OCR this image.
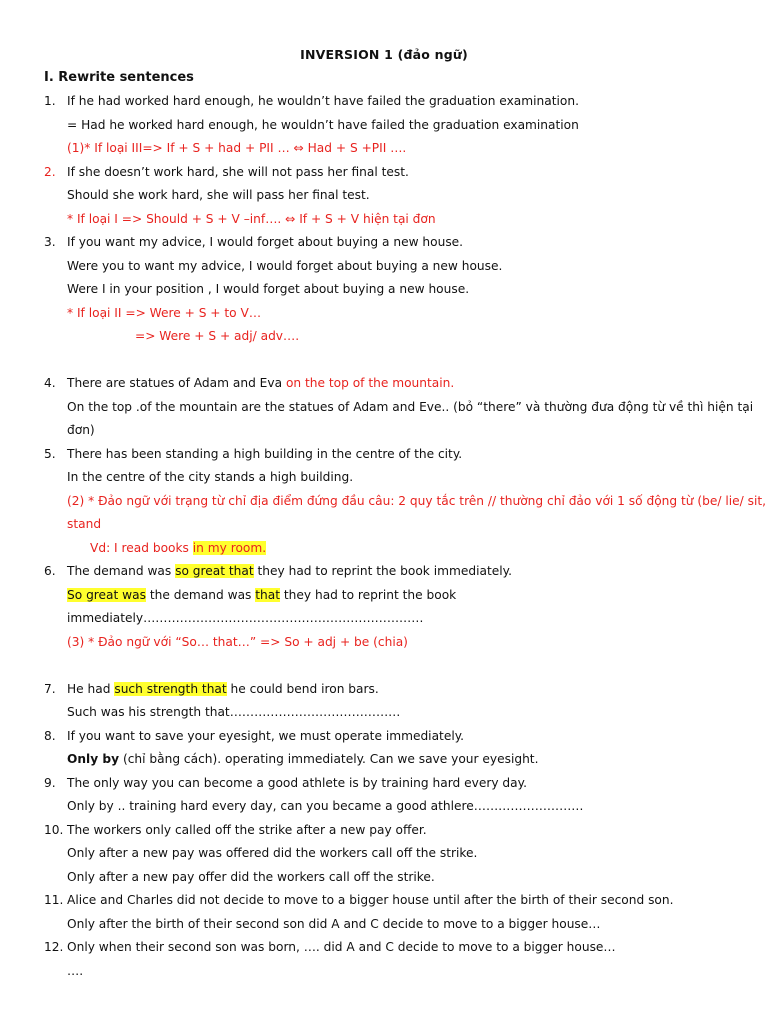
INVERSION 1 (đảo ngữ)
I. Rewrite sentences
1. If he had worked hard enough, he wouldn’t have failed the graduation examination.
= Had he worked hard enough, he wouldn’t have failed the graduation examination
(1)* If loại III=> If + S + had + PII … ⇔ Had + S +PII ….
2. If she doesn’t work hard, she will not pass her final test.
Should she work hard, she will pass her final test.
* If loại I => Should + S + V –inf…. ⇔ If + S + V hiện tại đơn
3. If you want my advice, I would forget about buying a new house.
Were you to want my advice, I would forget about buying a new house.
Were I in your position , I would forget about buying a new house.
* If loại II => Were + S + to V…
=> Were + S + adj/ adv….
4. There are statues of Adam and Eva on the top of the mountain.
On the top .of the mountain are the statues of Adam and Eve.. (bỏ “there” và thường đưa động từ về thì hiện tại
đơn)
5. There has been standing a high building in the centre of the city.
In the centre of the city stands a high building.
(2) * Đảo ngữ với trạng từ chỉ địa điểm đứng đầu câu: 2 quy tắc trên // thường chỉ đảo với 1 số động từ (be/ lie/ sit,
stand
Vd: I read books in my room.
6. The demand was so great that they had to reprint the book immediately.
So great was the demand was that they had to reprint the book
immediately……………………………………………………………
(3) * Đảo ngữ với “So… that…” => So + adj + be (chia)
7. He had such strength that he could bend iron bars.
Such was his strength that……………………………………
8. If you want to save your eyesight, we must operate immediately.
Only by (chỉ bằng cách). operating immediately. Can we save your eyesight.
9. The only way you can become a good athlete is by training hard every day.
Only by .. training hard every day, can you became a good athlere………………………
10. The workers only called off the strike after a new pay offer.
Only after a new pay was offered did the workers call off the strike.
Only after a new pay offer did the workers call off the strike.
11. Alice and Charles did not decide to move to a bigger house until after the birth of their second son.
Only after the birth of their second son did A and C decide to move to a bigger house…
12. Only when their second son was born, …. did A and C decide to move to a bigger house…
….
